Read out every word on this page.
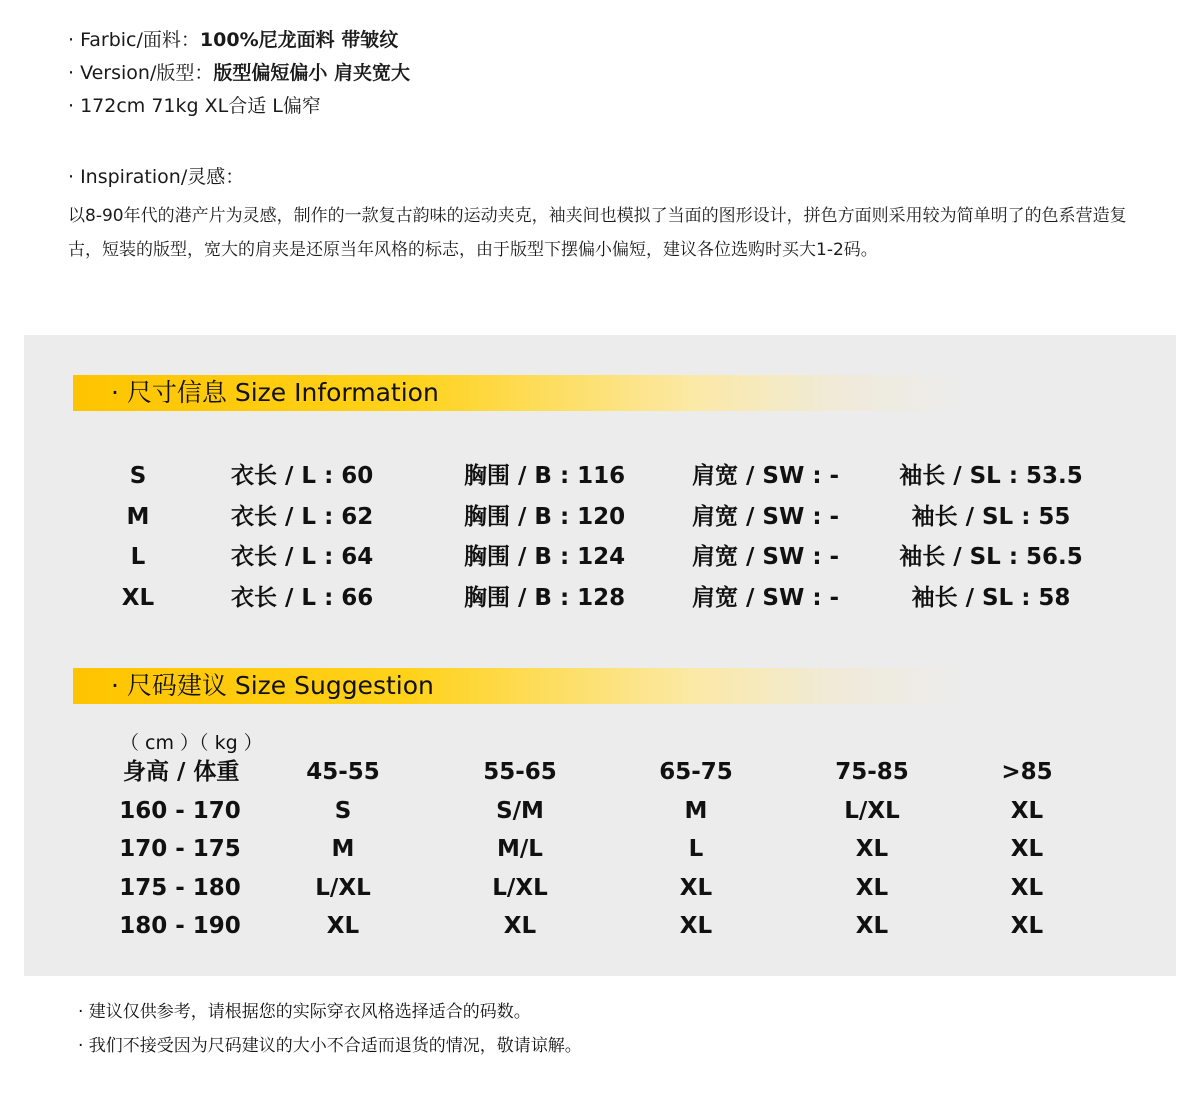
· Farbic/面料：100%尼龙面料 带皱纹
· Version/版型：版型偏短偏小 肩夹宽大
· 172cm 71kg XL合适 L偏窄
· Inspiration/灵感：
以8-90年代的港产片为灵感，制作的一款复古韵味的运动夹克，袖夹间也模拟了当面的图形设计，拼色方面则采用较为简单明了的色系营造复古，短装的版型，宽大的肩夹是还原当年风格的标志，由于版型下摆偏小偏短，建议各位选购时买大1-2码。
· 尺寸信息 Size Information
S	衣长 / L : 60	胸围 / B : 116	肩宽 / SW : -	袖长 / SL : 53.5
M	衣长 / L : 62	胸围 / B : 120	肩宽 / SW : -	袖长 / SL : 55
L	衣长 / L : 64	胸围 / B : 124	肩宽 / SW : -	袖长 / SL : 56.5
XL	衣长 / L : 66	胸围 / B : 128	肩宽 / SW : -	袖长 / SL : 58
· 尺码建议 Size Suggestion
（ cm ）（ kg ）
身高 / 体重	45-55	55-65	65-75	75-85	>85
160 - 170	S	S/M	M	L/XL	XL
170 - 175	M	M/L	L	XL	XL
175 - 180	L/XL	L/XL	XL	XL	XL
180 - 190	XL	XL	XL	XL	XL
· 建议仅供参考，请根据您的实际穿衣风格选择适合的码数。
· 我们不接受因为尺码建议的大小不合适而退货的情况，敬请谅解。
